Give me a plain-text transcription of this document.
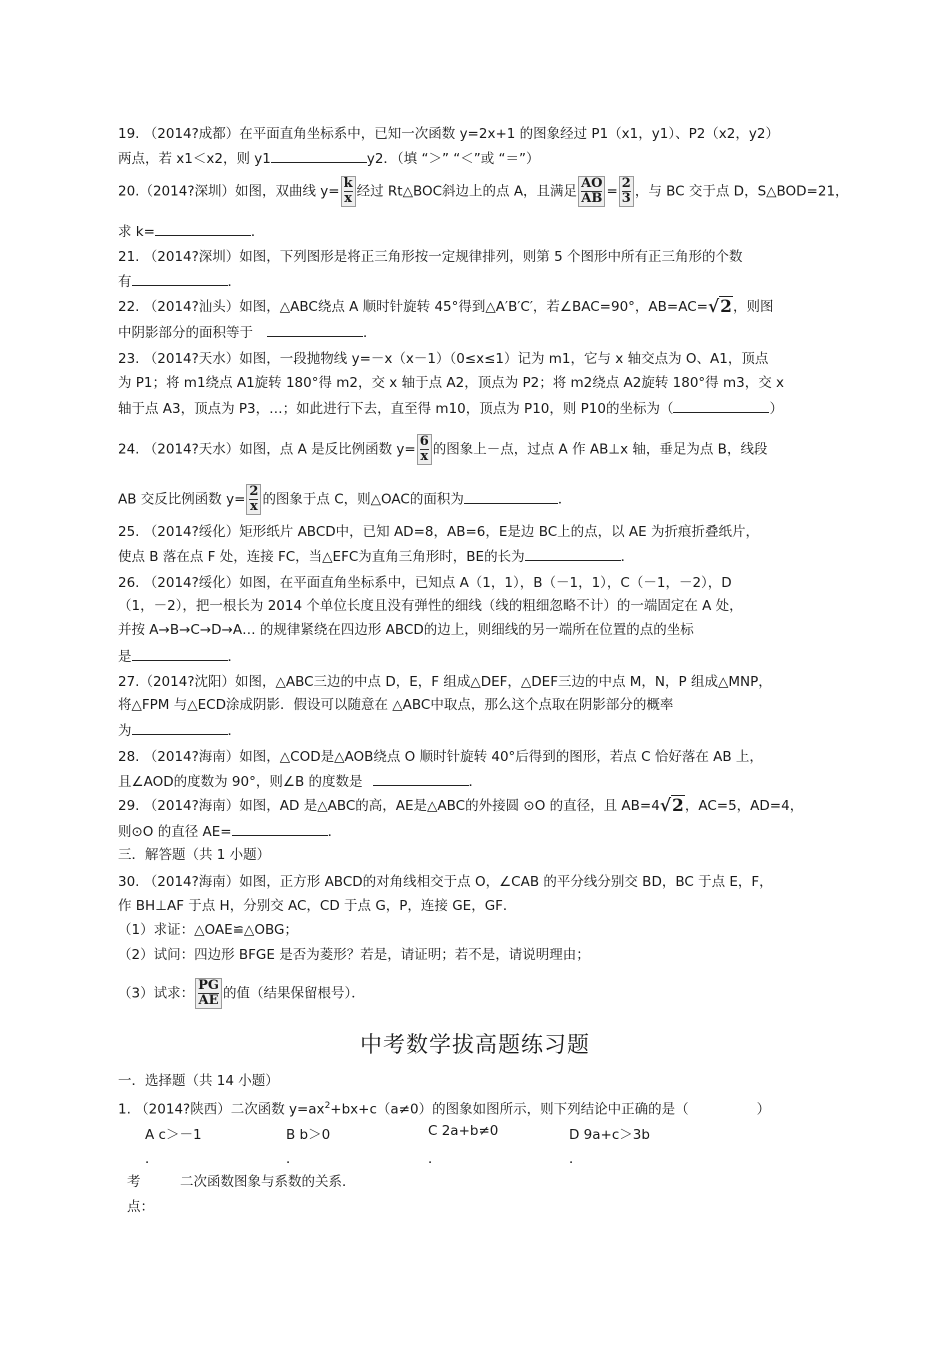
19. （2014?成都）在平面直角坐标系中，已知一次函数 y=2x+1 的图象经过 P1（x1，y1）、P2（x2，y2）
两点，若 x1＜x2，则 y1	y2．（填 “＞” “＜”或 “＝”）
20.（2014?深圳）如图，双曲线 $y= \frac{k}{x}$ 经过 Rt△BOC斜边上的点 A，且满足 $\frac{AO}{AB} = \frac{2}{3}$ ，与 BC 交于点 D，S△BOD=21，
求 k=	．
21. （2014?深圳）如图，下列图形是将正三角形按一定规律排列，则第 5 个图形中所有正三角形的个数
有	．
22. （2014?汕头）如图，△ABC绕点 A 顺时针旋转 45°得到△A′B′C′，若∠BAC=90°，AB=AC=√2，则图
中阴影部分的面积等于	．
23. （2014?天水）如图，一段抛物线 y=－x（x－1）（0≤x≤1）记为 m1，它与 x 轴交点为 O、A1，顶点
为 P1；将 m1绕点 A1旋转 180°得 m2，交 x 轴于点 A2，顶点为 P2；将 m2绕点 A2旋转 180°得 m3，交 x
轴于点 A3，顶点为 P3，…；如此进行下去，直至得 m10，顶点为 P10，则 P10的坐标为（	）
24. （2014?天水）如图，点 A 是反比例函数 $y= \frac{6}{x}$ 的图象上－点，过点 A 作 AB⊥x 轴，垂足为点 B，线段
AB 交反比例函数 $y= \frac{2}{x}$ 的图象于点 C，则△OAC的面积为	．
25. （2014?绥化）矩形纸片 ABCD中，已知 AD=8，AB=6，E是边 BC上的点，以 AE 为折痕折叠纸片，
使点 B 落在点 F 处，连接 FC，当△EFC为直角三角形时，BE的长为	．
26. （2014?绥化）如图，在平面直角坐标系中，已知点 A（1，1），B（－1，1），C（－1，－2），D
（1，－2），把一根长为 2014 个单位长度且没有弹性的细线（线的粗细忽略不计）的一端固定在 A 处，
并按 A→B→C→D→A… 的规律紧绕在四边形 ABCD的边上，则细线的另一端所在位置的点的坐标
是	．
27.（2014?沈阳）如图，△ABC三边的中点 D，E，F 组成△DEF，△DEF三边的中点 M，N，P 组成△MNP，
将△FPM 与△ECD涂成阴影．假设可以随意在 △ABC中取点，那么这个点取在阴影部分的概率
为	．
28. （2014?海南）如图，△COD是△AOB绕点 O 顺时针旋转 40°后得到的图形，若点 C 恰好落在 AB 上，
且∠AOD的度数为 90°，则∠B 的度数是	．
29. （2014?海南）如图，AD 是△ABC的高，AE是△ABC的外接圆 ⊙O 的直径，且 AB=4√2，AC=5，AD=4，
则⊙O 的直径 AE=	．
三．解答题（共 1 小题）
30. （2014?海南）如图，正方形 ABCD的对角线相交于点 O，∠CAB 的平分线分别交 BD，BC 于点 E，F，
作 BH⊥AF 于点 H，分别交 AC，CD 于点 G，P，连接 GE，GF．
（1）求证：△OAE≌△OBG；
（2）试问：四边形 BFGE 是否为菱形？若是，请证明；若不是，请说明理由；
（3）试求： $\frac{PG}{AE}$ 的值（结果保留根号）．
中考数学拔高题练习题
一．选择题（共 14 小题）
1. （2014?陕西）二次函数 $y=ax^2+bx+c(a\ne 0)$的图象如图所示，则下列结论中正确的是（	）
A c＞－1	B b＞0	C 2a+b≠0	D 9a+c＞3b
．	．	．	．
考	二次函数图象与系数的关系．
点：
